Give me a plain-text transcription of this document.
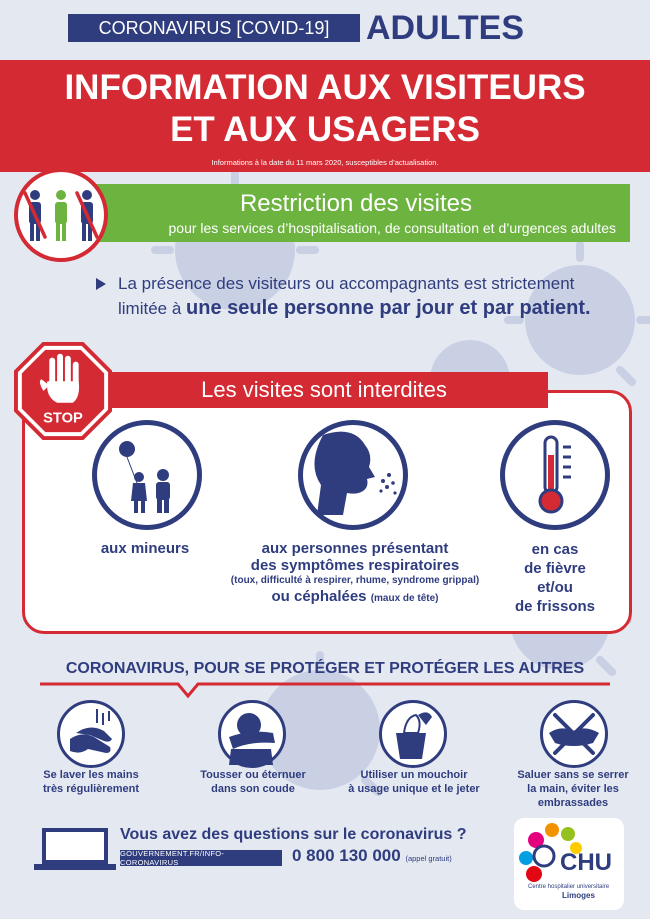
CORONAVIRUS [COVID-19]	ADULTES
INFORMATION AUX VISITEURS
ET AUX USAGERS
Informations à la date du 11 mars 2020, susceptibles d’actualisation.
Restriction des visites
pour les services d’hospitalisation, de consultation et d’urgences adultes
La présence des visiteurs ou accompagnants est strictement
limitée à une seule personne par jour et par patient.
Les visites sont interdites
STOP
aux mineurs	aux personnes présentant
des symptômes respiratoires
(toux, difficulté à respirer, rhume, syndrome grippal)
ou céphalées (maux de tête)
en cas
de fièvre
et/ou
de frissons
CORONAVIRUS, POUR SE PROTÉGER ET PROTÉGER LES AUTRES
Se laver les mains
très régulièrement
Tousser ou éternuer
dans son coude
Utiliser un mouchoir
à usage unique et le jeter
Saluer sans se serrer
la main, éviter les
embrassades
Vous avez des questions sur le coronavirus ?
GOUVERNEMENT.FR/INFO-CORONAVIRUS	0 800 130 000 (appel gratuit)	CHU
Centre hospitalier universitaire
Limoges
